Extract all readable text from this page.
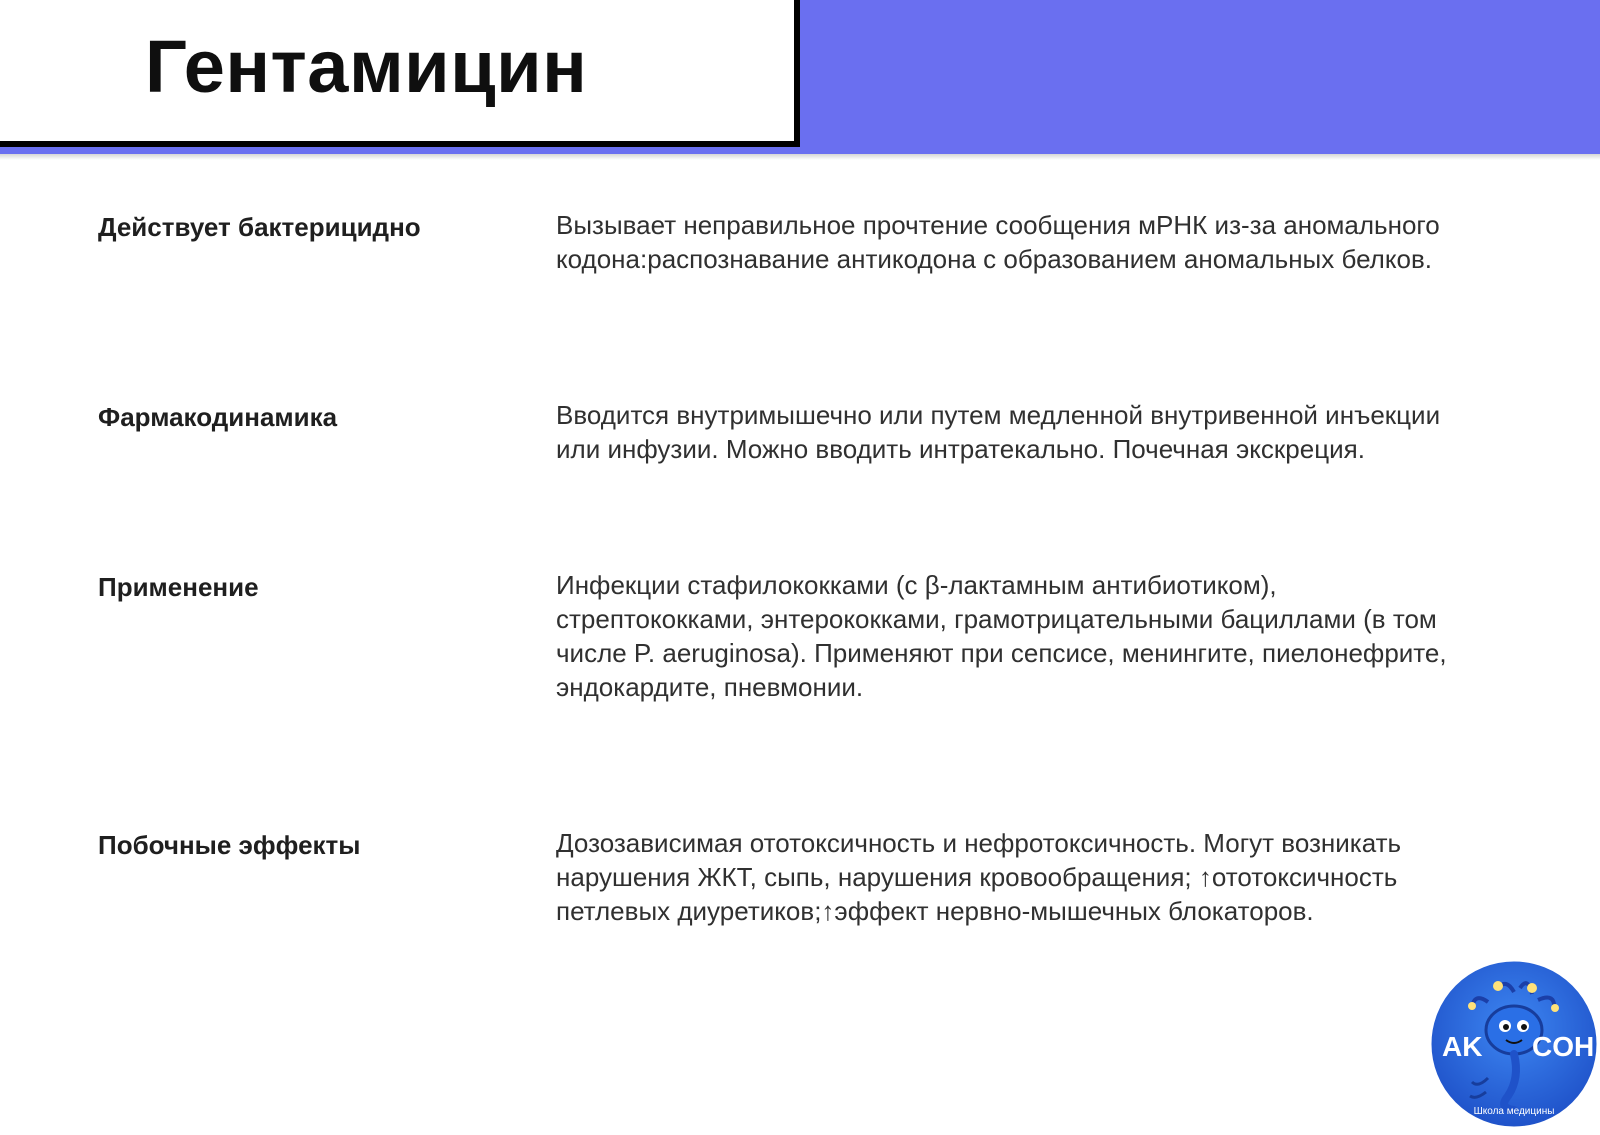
Гентамицин
Действует бактерицидно	Вызывает неправильное прочтение сообщения мРНК из-за аномального кодона:распознавание антикодона с образованием аномальных белков.
Фармакодинамика	Вводится внутримышечно или путем медленной внутривенной инъекции или инфузии. Можно вводить интратекально. Почечная экскреция.
Применение	Инфекции стафилококками (с β-лактамным антибиотиком), стрептококками, энтерококками, грамотрицательными бациллами (в том числе P. aeruginosa). Применяют при сепсисе, менингите, пиелонефрите, эндокардите, пневмонии.
Побочные эффекты	Дозозависимая ототоксичность и нефротоксичность. Могут возникать нарушения ЖКТ, сыпь, нарушения кровообращения; ↑ототоксичность петлевых диуретиков;↑эффект нервно-мышечных блокаторов.
AK COH
Школа медицины
